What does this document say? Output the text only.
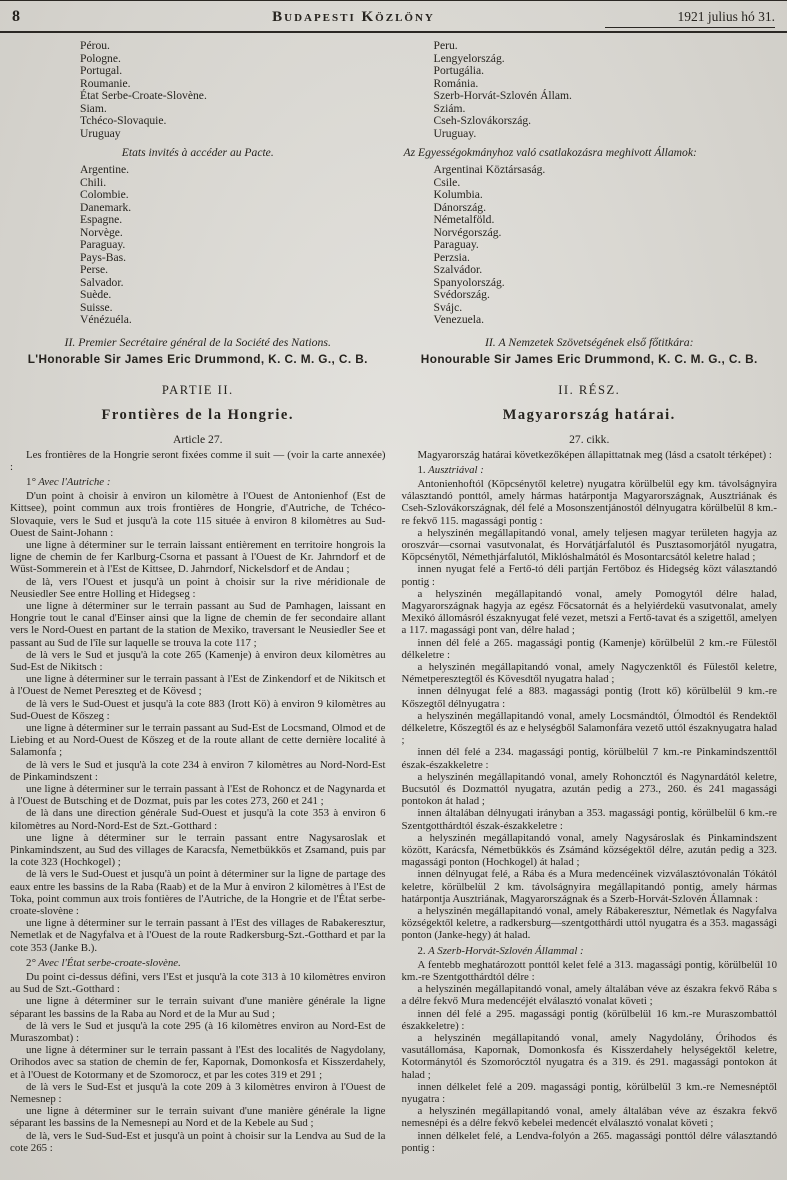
8	Budapesti Közlöny	1921 julius hó 31.
Pérou.
Pologne.
Portugal.
Roumanie.
État Serbe-Croate-Slovène.
Siam.
Tchéco-Slovaquie.
Uruguay

Etats invités à accéder au Pacte.

Argentine.
Chili.
Colombie.
Danemark.
Espagne.
Norvège.
Paraguay.
Pays-Bas.
Perse.
Salvador.
Suède.
Suisse.
Vénézuéla.

II. Premier Secrétaire général de la Société des Nations.

L'Honorable Sir James Eric Drummond, K. C. M. G., C. B.

PARTIE II.

Frontières de la Hongrie.

Article 27.

Les frontières de la Hongrie seront fixées comme il suit — (voir la carte annexée) :

1° Avec l'Autriche :

D'un point à choisir à environ un kilomètre à l'Ouest de Antonienhof (Est de Kittsee), point commun aux trois frontières de Hongrie, d'Autriche, de Tchéco-Slovaquie, vers le Sud et jusqu'à la cote 115 située à environ 8 kilomètres au Sud-Ouest de Saint-Johann :

une ligne à déterminer sur le terrain laissant entièrement en territoire hongrois la ligne de chemin de fer Karlburg-Csorna et passant à l'Ouest de Kr. Jahrndorf et de Wüst-Sommerein et à l'Est de Kittsee, D. Jahrndorf, Nickelsdorf et de Andau ;

de là, vers l'Ouest et jusqu'à un point à choisir sur la rive méridionale de Neusiedler See entre Holling et Hidegseg :

une ligne à déterminer sur le terrain passant au Sud de Pamhagen, laissant en Hongrie tout le canal d'Einser ainsi que la ligne de chemin de fer secondaire allant vers le Nord-Ouest en partant de la station de Mexiko, traversant le Neusiedler See et passant au Sud de l'île sur laquelle se trouva la cote 117 ;

de là vers le Sud et jusqu'à la cote 265 (Kamenje) à environ deux kilomètres au Sud-Est de Nikitsch :

une ligne à déterminer sur le terrain passant à l'Est de Zinkendorf et de Nikitsch et à l'Ouest de Nemet Pereszteg et de Kövesd ;

de là vers le Sud-Ouest et jusqu'à la cote 883 (Irott Kö) à environ 9 kilomètres au Sud-Ouest de Kőszeg :

une ligne à déterminer sur le terrain passant au Sud-Est de Locsmand, Olmod et de Liebing et au Nord-Ouest de Kőszeg et de la route allant de cette dernière localité à Salamonfa ;

de là vers le Sud et jusqu'à la cote 234 à environ 7 kilomètres au Nord-Nord-Est de Pinkamindszent :

une ligne à déterminer sur le terrain passant à l'Est de Rohoncz et de Nagynarda et à l'Ouest de Butsching et de Dozmat, puis par les cotes 273, 260 et 241 ;

de là dans une direction générale Sud-Ouest et jusqu'à la cote 353 à environ 6 kilomètres au Nord-Nord-Est de Szt.-Gotthard :

une ligne à déterminer sur le terrain passant entre Nagysaroslak et Pinkamindszent, au Sud des villages de Karacsfa, Nemetbükkös et Zsamand, puis par la cote 323 (Hochkogel) ;

de là vers le Sud-Ouest et jusqu'à un point à déterminer sur la ligne de partage des eaux entre les bassins de la Raba (Raab) et de la Mur à environ 2 kilomètres à l'Est de Toka, point commun aux trois fontières de l'Autriche, de la Hongrie et de l'État serbe-croate-slovène :

une ligne à déterminer sur le terrain passant à l'Est des villages de Rabakeresztur, Nemetlak et de Nagyfalva et à l'Ouest de la route Radkersburg-Szt.-Gotthard et par la cote 353 (Janke B.).

2° Avec l'État serbe-croate-slovène.

Du point ci-dessus défini, vers l'Est et jusqu'à la cote 313 à 10 kilomètres environ au Sud de Szt.-Gotthard :

une ligne à déterminer sur le terrain suivant d'une manière générale la ligne séparant les bassins de la Raba au Nord et de la Mur au Sud ;

de là vers le Sud et jusqu'à la cote 295 (à 16 kilomètres environ au Nord-Est de Muraszombat) :

une ligne à déterminer sur le terrain passant à l'Est des localités de Nagydolany, Orihodos avec sa station de chemin de fer, Kapornak, Domonkosfa et Kisszerdahely, et à l'Ouest de Kotormany et de Szomorocz, et par les cotes 319 et 291 ;

de là vers le Sud-Est et jusqu'à la cote 209 à 3 kilomètres environ à l'Ouest de Nemesnep :

une ligne à déterminer sur le terrain suivant d'une manière générale la ligne séparant les bassins de la Nemesnepi au Nord et de la Kebele au Sud ;

de là, vers le Sud-Sud-Est et jusqu'à un point à choisir sur la Lendva au Sud de la cote 265 :

Peru.
Lengyelország.
Portugália.
Románia.
Szerb-Horvát-Szlovén Állam.
Sziám.
Cseh-Szlovákország.
Uruguay.

Az Egyességokmányhoz való csatlakozásra meghivott Államok:

Argentinai Köztársaság.
Csile.
Kolumbia.
Dánország.
Németalföld.
Norvégország.
Paraguay.
Perzsia.
Szalvádor.
Spanyolország.
Svédország.
Svájc.
Venezuela.

II. A Nemzetek Szövetségének első főtitkára:

Honourable Sir James Eric Drummond, K. C. M. G., C. B.

II. RÉSZ.

Magyarország határai.

27. cikk.

Magyarország határai következőképen állapittatnak meg (lásd a csatolt térképet) :

1. Ausztriával :

Antonienhoftól (Köpcsénytől keletre) nyugatra körülbelül egy km. távolságnyira választandó ponttól, amely hármas határpontja Magyarországnak, Ausztriának és Cseh-Szlovákországnak, dél felé a Mosonszentjánostól délnyugatra körülbelül 8 km.-re fekvő 115. magassági pontig :

a helyszinén megállapitandó vonal, amely teljesen magyar területen hagyja az oroszvár—csornai vasutvonalat, és Horvátjárfalutól és Pusztasomorjától nyugatra, Köpcsénytől, Némethjárfalutól, Miklóshalmától és Mosontarcsától keletre halad ;

innen nyugat felé a Fertő-tó déli partján Fertőboz és Hidegség közt választandó pontig :

a helyszinén megállapitandó vonal, amely Pomogytól délre halad, Magyarországnak hagyja az egész Főcsatornát és a helyiérdekü vasutvonalat, amely Mexikó állomásról északnyugat felé vezet, metszi a Fertő-tavat és a szigettől, amelyen a 117. magassági pont van, délre halad ;

innen dél felé a 265. magassági pontig (Kamenje) körülbelül 2 km.-re Fülestől délkeletre :

a helyszinén megállapitandó vonal, amely Nagyczenktől és Fülestől keletre, Németperesztegtől és Kövesdtől nyugatra halad ;

innen délnyugat felé a 883. magassági pontig (Irott kő) körülbelül 9 km.-re Kőszegtől délnyugatra :

a helyszinén megállapitandó vonal, amely Locsmándtól, Ólmodtól és Rendektől délkeletre, Kőszegtől és az e helységből Salamonfára vezető uttól északnyugatra halad ;

innen dél felé a 234. magassági pontig, körülbelül 7 km.-re Pinkamindszenttől észak-északkeletre :

a helyszinén megállapitandó vonal, amely Rohoncztól és Nagynardától keletre, Bucsutól és Dozmattól nyugatra, azután pedig a 273., 260. és 241 magassági pontokon át halad ;

innen általában délnyugati irányban a 353. magassági pontig, körülbelül 6 km.-re Szentgotthárdtól észak-északkeletre :

a helyszinén megállapitandó vonal, amely Nagysároslak és Pinkamindszent között, Karácsfa, Németbükkös és Zsámánd községektől délre, azután pedig a 323. magassági ponton (Hochkogel) át halad ;

innen délnyugat felé, a Rába és a Mura medencéinek vizválasztóvonalán Tókától keletre, körülbelül 2 km. távolságnyira megállapitandó pontig, amely hármas határpontja Ausztriának, Magyarországnak és a Szerb-Horvát-Szlovén Államnak :

a helyszinén megállapitandó vonal, amely Rábakeresztur, Németlak és Nagyfalva községektől keletre, a radkersburg—szentgotthárdi uttól nyugatra és a 353. magassági ponton (Janke-hegy) át halad.

2. A Szerb-Horvát-Szlovén Állammal :

A fentebb meghatározott ponttól kelet felé a 313. magassági pontig, körülbelül 10 km.-re Szentgotthárdtól délre :

a helyszinén megállapitandó vonal, amely általában véve az északra fekvő Rába s a délre fekvő Mura medencéjét elválasztó vonalat követi ;

innen dél felé a 295. magassági pontig (körülbelül 16 km.-re Muraszombattól északkeletre) :

a helyszinén megállapitandó vonal, amely Nagydolány, Órihodos és vasutállomása, Kapornak, Domonkosfa és Kisszerdahely helységektől keletre, Kotormánytól és Szomorócztól nyugatra és a 319. és 291. magassági pontokon át halad ;

innen délkelet felé a 209. magassági pontig, körülbelül 3 km.-re Nemesnéptől nyugatra :

a helyszinén megállapitandó vonal, amely általában véve az északra fekvő nemesnépi és a délre fekvő kebelei medencét elválasztó vonalat követi ;

innen délkelet felé, a Lendva-folyón a 265. magassági ponttól délre választandó pontig :
